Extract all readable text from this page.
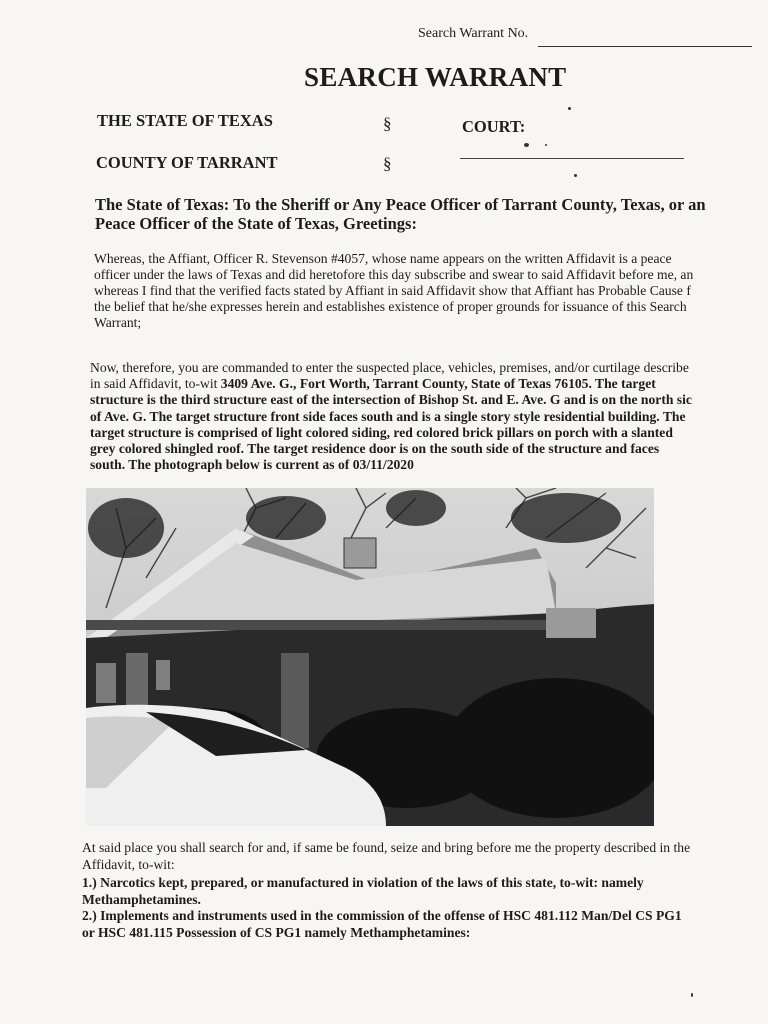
Search Warrant No.
SEARCH WARRANT
THE STATE OF TEXAS	§	COURT:
COUNTY OF TARRANT	§
The State of Texas: To the Sheriff or Any Peace Officer of Tarrant County, Texas, or an
Peace Officer of the State of Texas, Greetings:
Whereas, the Affiant, Officer R. Stevenson #4057, whose name appears on the written Affidavit is a peace
officer under the laws of Texas and did heretofore this day subscribe and swear to said Affidavit before me, an
whereas I find that the verified facts stated by Affiant in said Affidavit show that Affiant has Probable Cause f
the belief that he/she expresses herein and establishes existence of proper grounds for issuance of this Search
Warrant;
Now, therefore, you are commanded to enter the suspected place, vehicles, premises, and/or curtilage describe
in said Affidavit, to-wit 3409 Ave. G., Fort Worth, Tarrant County, State of Texas 76105. The target
structure is the third structure east of the intersection of Bishop St. and E. Ave. G and is on the north sic
of Ave. G. The target structure front side faces south and is a single story style residential building. The
target structure is comprised of light colored siding, red colored brick pillars on porch with a slanted
grey colored shingled roof. The target residence door is on the south side of the structure and faces
south. The photograph below is current as of 03/11/2020
At said place you shall search for and, if same be found, seize and bring before me the property described in the
Affidavit, to-wit:
1.) Narcotics kept, prepared, or manufactured in violation of the laws of this state, to-wit: namely
Methamphetamines.
2.) Implements and instruments used in the commission of the offense of HSC 481.112 Man/Del CS PG1
or HSC 481.115 Possession of CS PG1 namely Methamphetamines:
